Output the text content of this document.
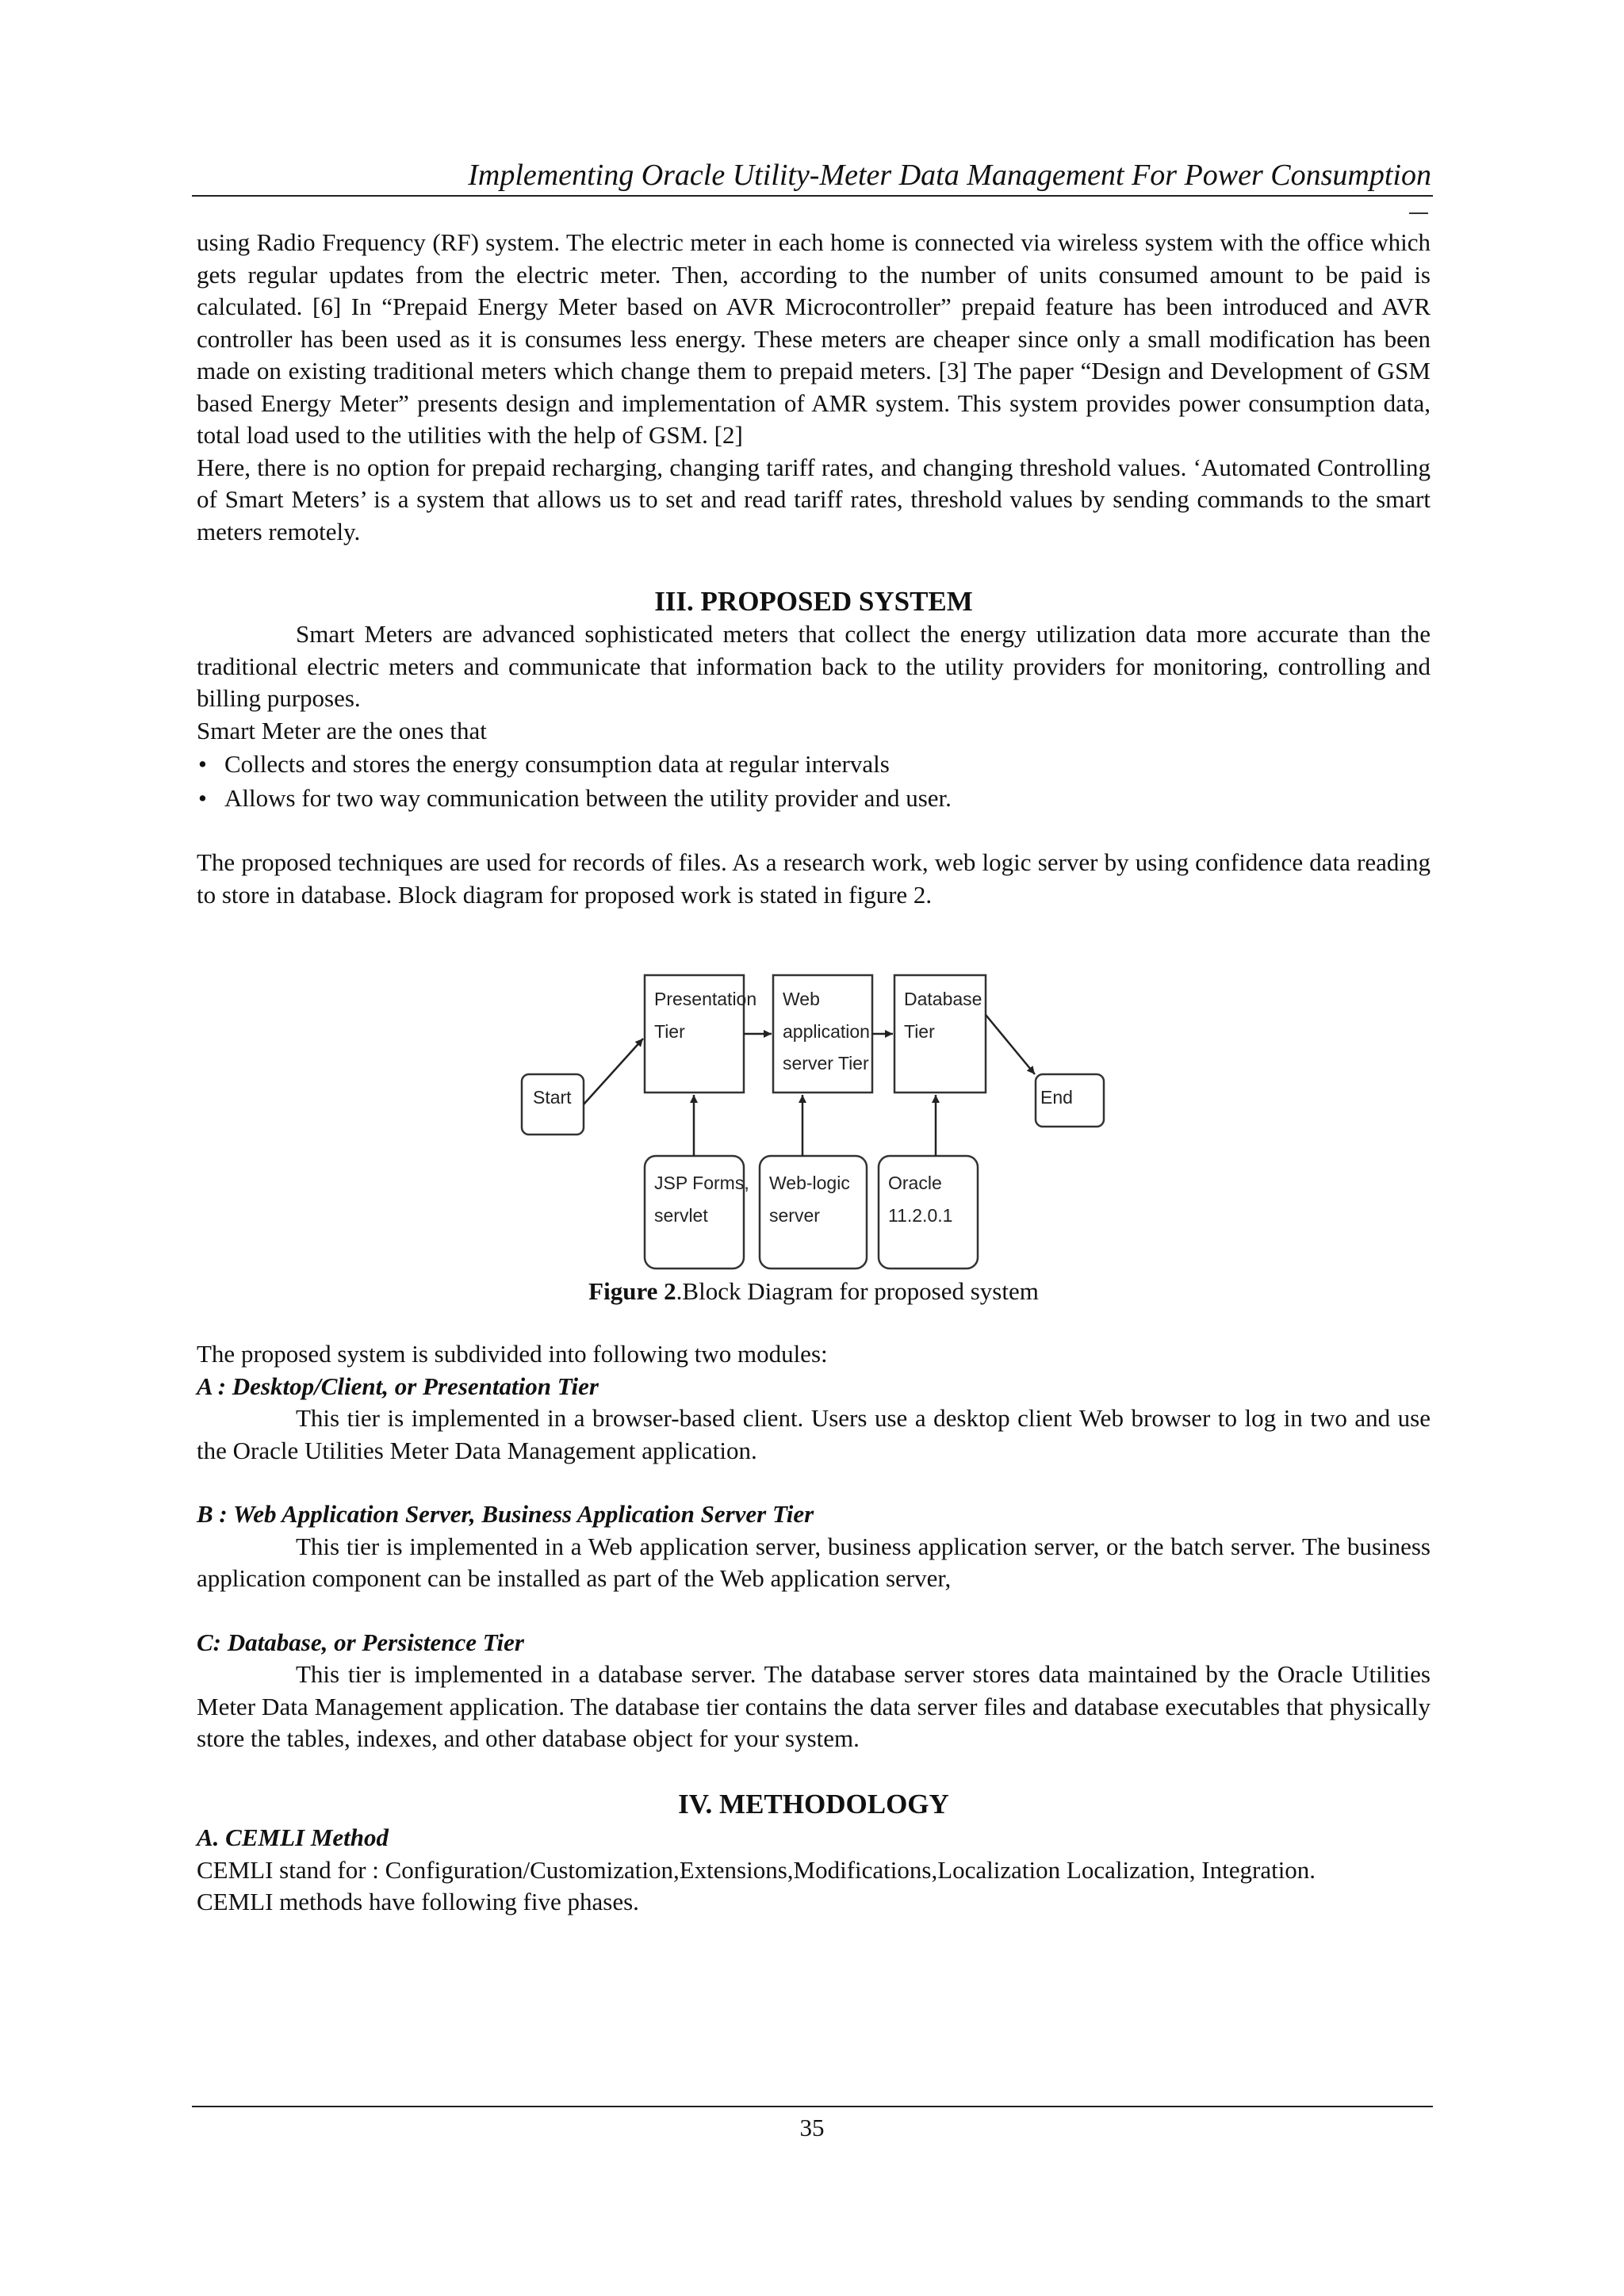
Implementing Oracle Utility-Meter Data Management For Power Consumption

using Radio Frequency (RF) system. The electric meter in each home is connected via wireless system with the office which gets regular updates from the electric meter. Then, according to the number of units consumed amount to be paid is calculated. [6] In “Prepaid Energy Meter based on AVR Microcontroller” prepaid feature has been introduced and AVR controller has been used as it is consumes less energy. These meters are cheaper since only a small modification has been made on existing traditional meters which change them to prepaid meters. [3] The paper “Design and Development of GSM based Energy Meter” presents design and implementation of AMR system. This system provides power consumption data, total load used to the utilities with the help of GSM. [2]

Here, there is no option for prepaid recharging, changing tariff rates, and changing threshold values. ‘Automated Controlling of Smart Meters’ is a system that allows us to set and read tariff rates, threshold values by sending commands to the smart meters remotely.

III. PROPOSED SYSTEM

Smart Meters are advanced sophisticated meters that collect the energy utilization data more accurate than the traditional electric meters and communicate that information back to the utility providers for monitoring, controlling and billing purposes.

Smart Meter are the ones that

• Collects and stores the energy consumption data at regular intervals
• Allows for two way communication between the utility provider and user.

The proposed techniques are used for records of files. As a research work, web logic server by using confidence data reading to store in database. Block diagram for proposed work is stated in figure 2.

Start
Presentation
Tier
Web
application
server Tier
Database
Tier
End
JSP Forms,
servlet
Web-logic
server
Oracle
11.2.0.1
Figure 2.Block Diagram for proposed system

The proposed system is subdivided into following two modules:

A : Desktop/Client, or Presentation Tier

This tier is implemented in a browser-based client. Users use a desktop client Web browser to log in two and use the Oracle Utilities Meter Data Management application.

B : Web Application Server, Business Application Server Tier

This tier is implemented in a Web application server, business application server, or the batch server. The business application component can be installed as part of the Web application server,

C: Database, or Persistence Tier

This tier is implemented in a database server. The database server stores data maintained by the Oracle Utilities Meter Data Management application. The database tier contains the data server files and database executables that physically store the tables, indexes, and other database object for your system.

IV. METHODOLOGY

A. CEMLI Method

CEMLI stand for : Configuration/Customization,Extensions,Modifications,Localization Localization, Integration.

CEMLI methods have following five phases.

35
